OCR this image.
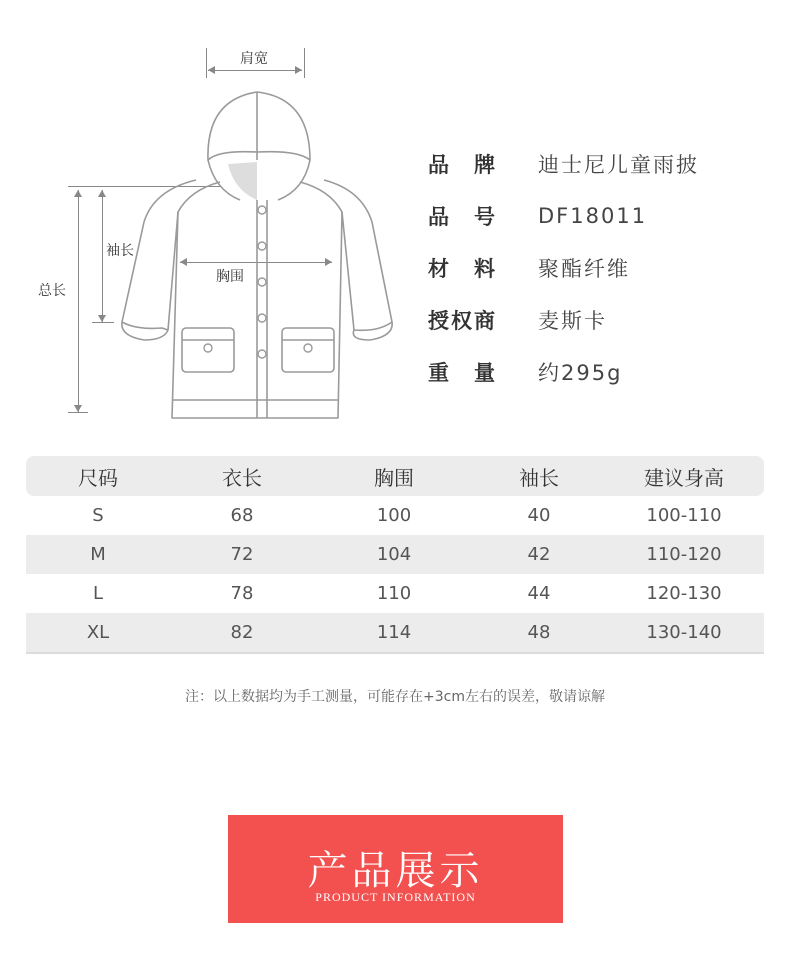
肩宽
总长
袖长
胸围
品　牌	迪士尼儿童雨披
品　号	DF18011
材　料	聚酯纤维
授权商	麦斯卡
重　量	约295g
尺码	衣长	胸围	袖长	建议身高
S	68	100	40	100-110
M	72	104	42	110-120
L	78	110	44	120-130
XL	82	114	48	130-140
注：以上数据均为手工测量，可能存在+3cm左右的误差，敬请谅解
产品展示
PRODUCT INFORMATION
